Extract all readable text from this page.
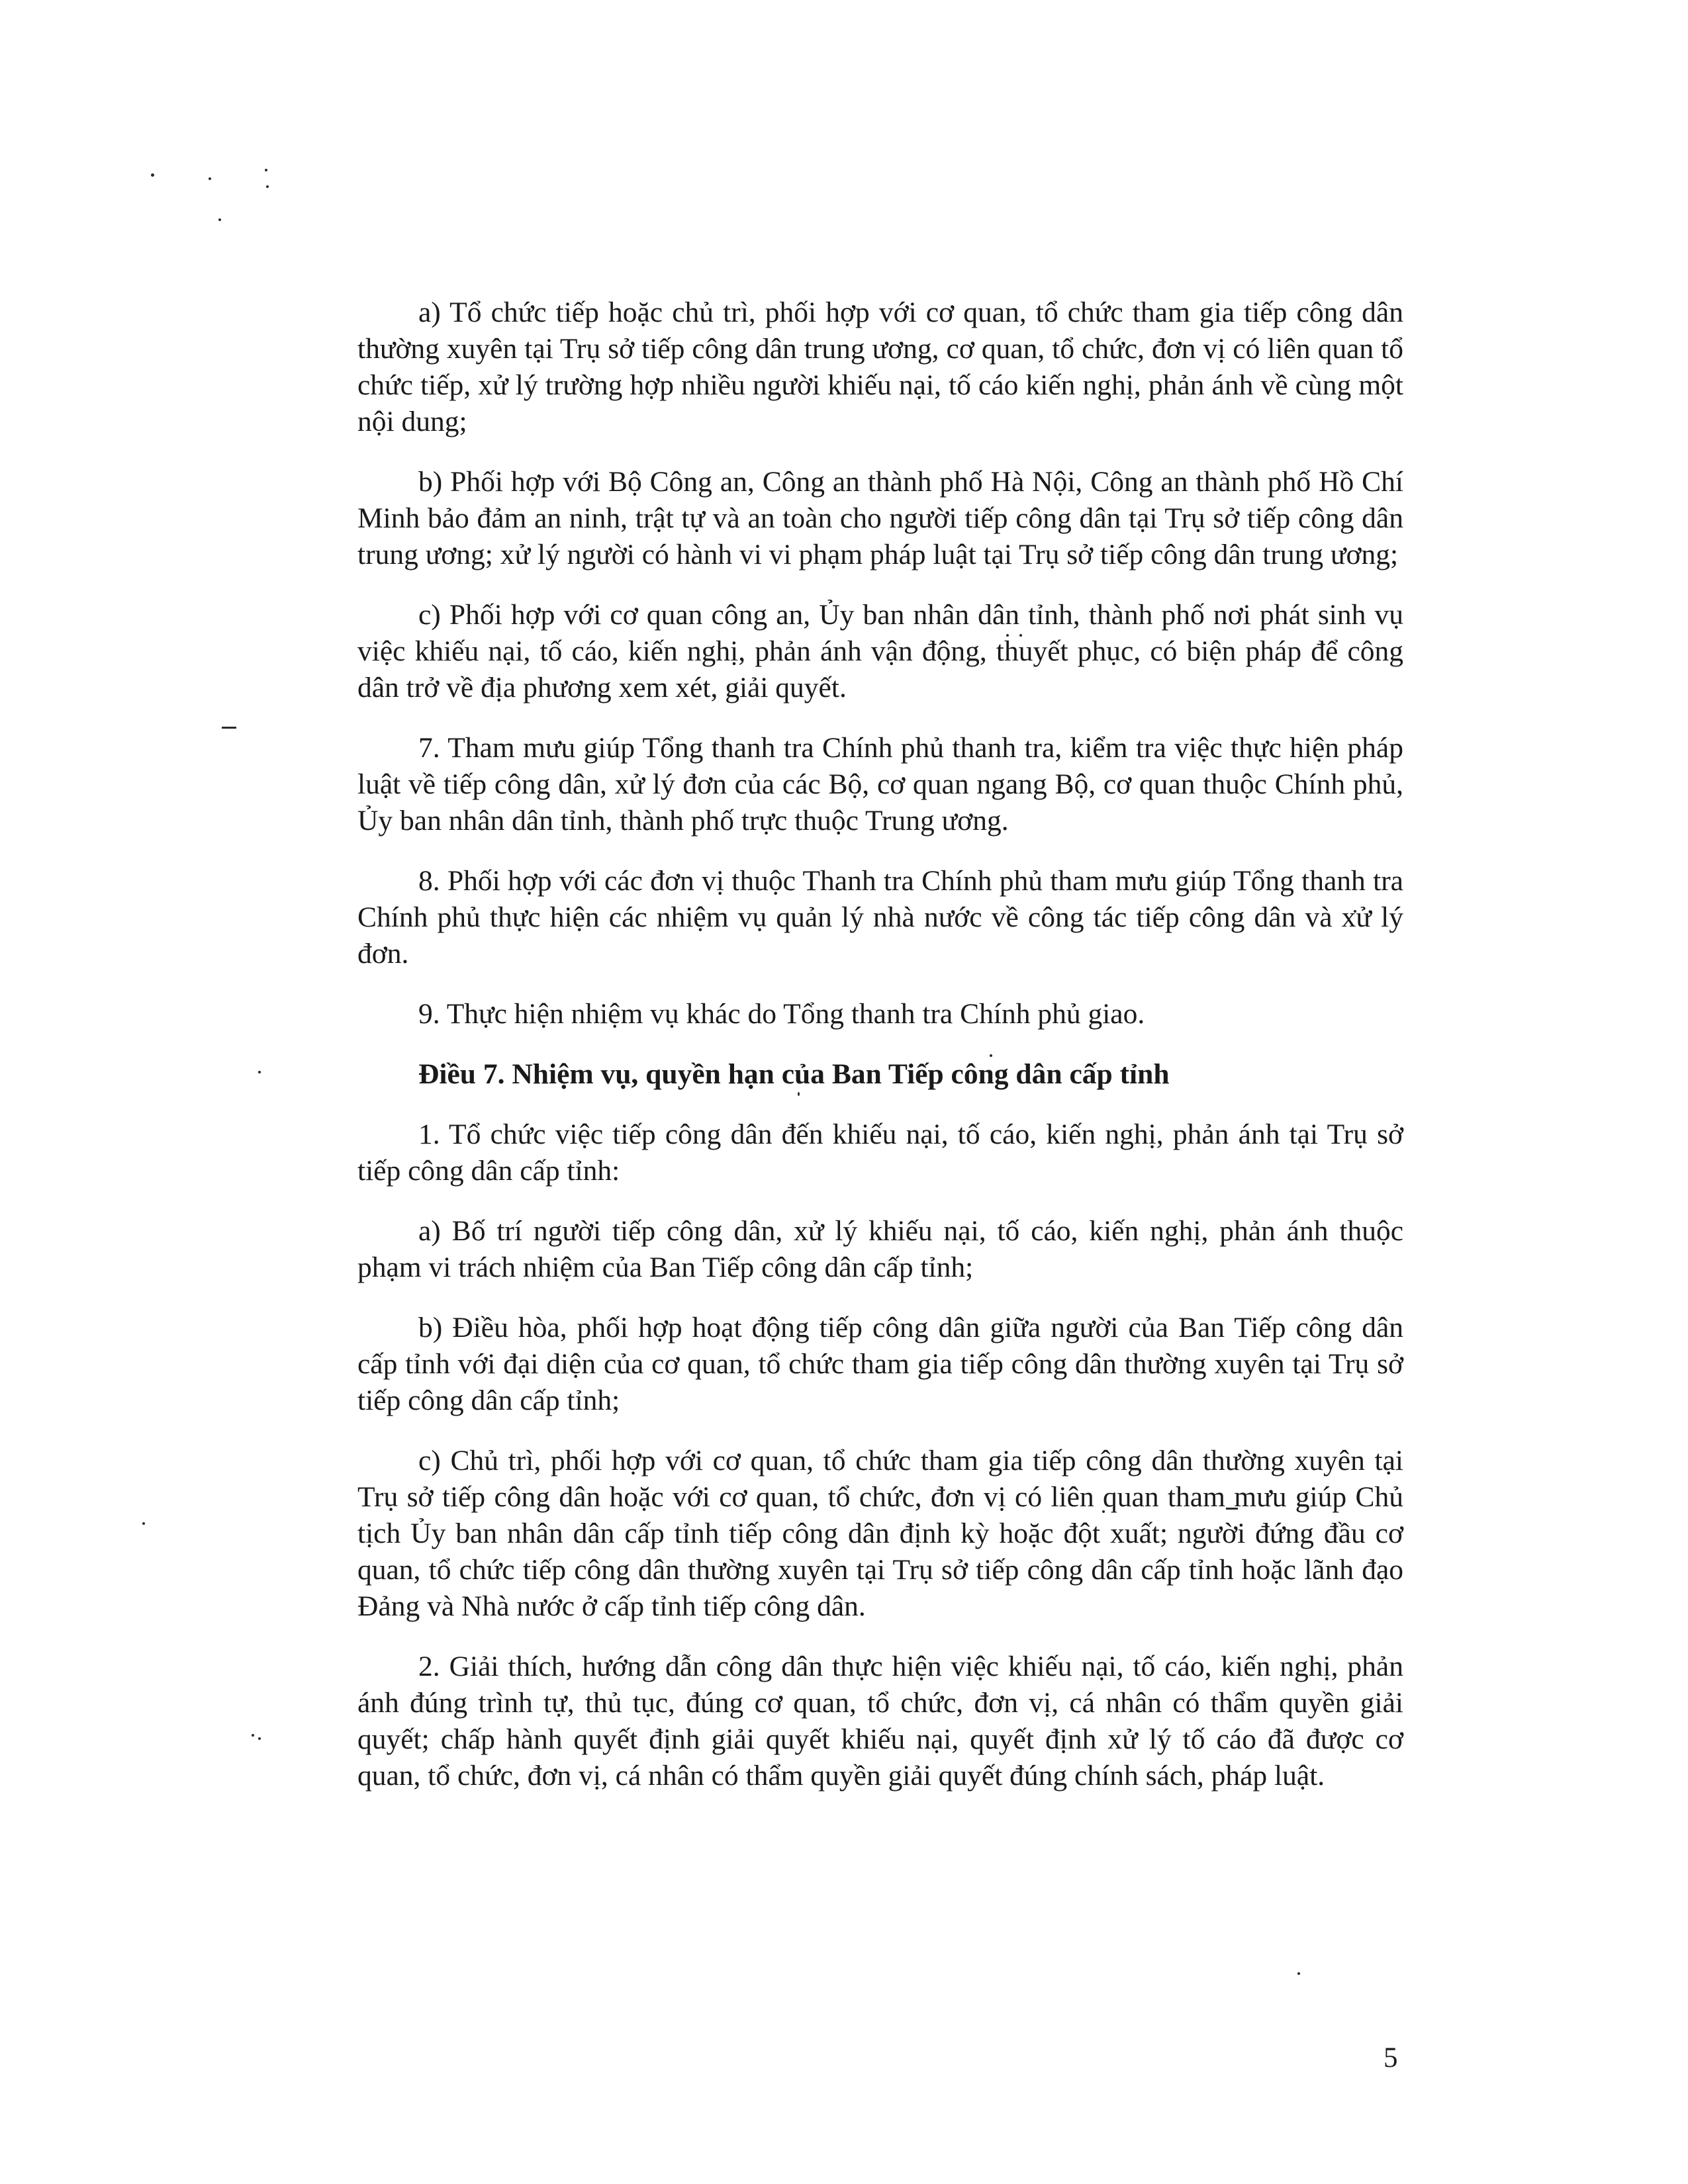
a) Tổ chức tiếp hoặc chủ trì, phối hợp với cơ quan, tổ chức tham gia tiếp công dân thường xuyên tại Trụ sở tiếp công dân trung ương, cơ quan, tổ chức, đơn vị có liên quan tổ chức tiếp, xử lý trường hợp nhiều người khiếu nại, tố cáo kiến nghị, phản ánh về cùng một nội dung;

b) Phối hợp với Bộ Công an, Công an thành phố Hà Nội, Công an thành phố Hồ Chí Minh bảo đảm an ninh, trật tự và an toàn cho người tiếp công dân tại Trụ sở tiếp công dân trung ương; xử lý người có hành vi vi phạm pháp luật tại Trụ sở tiếp công dân trung ương;

c) Phối hợp với cơ quan công an, Ủy ban nhân dân tỉnh, thành phố nơi phát sinh vụ việc khiếu nại, tố cáo, kiến nghị, phản ánh vận động, thuyết phục, có biện pháp để công dân trở về địa phương xem xét, giải quyết.

7. Tham mưu giúp Tổng thanh tra Chính phủ thanh tra, kiểm tra việc thực hiện pháp luật về tiếp công dân, xử lý đơn của các Bộ, cơ quan ngang Bộ, cơ quan thuộc Chính phủ, Ủy ban nhân dân tỉnh, thành phố trực thuộc Trung ương.

8. Phối hợp với các đơn vị thuộc Thanh tra Chính phủ tham mưu giúp Tổng thanh tra Chính phủ thực hiện các nhiệm vụ quản lý nhà nước về công tác tiếp công dân và xử lý đơn.

9. Thực hiện nhiệm vụ khác do Tổng thanh tra Chính phủ giao.

Điều 7. Nhiệm vụ, quyền hạn của Ban Tiếp công dân cấp tỉnh

1. Tổ chức việc tiếp công dân đến khiếu nại, tố cáo, kiến nghị, phản ánh tại Trụ sở tiếp công dân cấp tỉnh:

a) Bố trí người tiếp công dân, xử lý khiếu nại, tố cáo, kiến nghị, phản ánh thuộc phạm vi trách nhiệm của Ban Tiếp công dân cấp tỉnh;

b) Điều hòa, phối hợp hoạt động tiếp công dân giữa người của Ban Tiếp công dân cấp tỉnh với đại diện của cơ quan, tổ chức tham gia tiếp công dân thường xuyên tại Trụ sở tiếp công dân cấp tỉnh;

c) Chủ trì, phối hợp với cơ quan, tổ chức tham gia tiếp công dân thường xuyên tại Trụ sở tiếp công dân hoặc với cơ quan, tổ chức, đơn vị có liên quan tham mưu giúp Chủ tịch Ủy ban nhân dân cấp tỉnh tiếp công dân định kỳ hoặc đột xuất; người đứng đầu cơ quan, tổ chức tiếp công dân thường xuyên tại Trụ sở tiếp công dân cấp tỉnh hoặc lãnh đạo Đảng và Nhà nước ở cấp tỉnh tiếp công dân.

2. Giải thích, hướng dẫn công dân thực hiện việc khiếu nại, tố cáo, kiến nghị, phản ánh đúng trình tự, thủ tục, đúng cơ quan, tổ chức, đơn vị, cá nhân có thẩm quyền giải quyết; chấp hành quyết định giải quyết khiếu nại, quyết định xử lý tố cáo đã được cơ quan, tổ chức, đơn vị, cá nhân có thẩm quyền giải quyết đúng chính sách, pháp luật.

5
